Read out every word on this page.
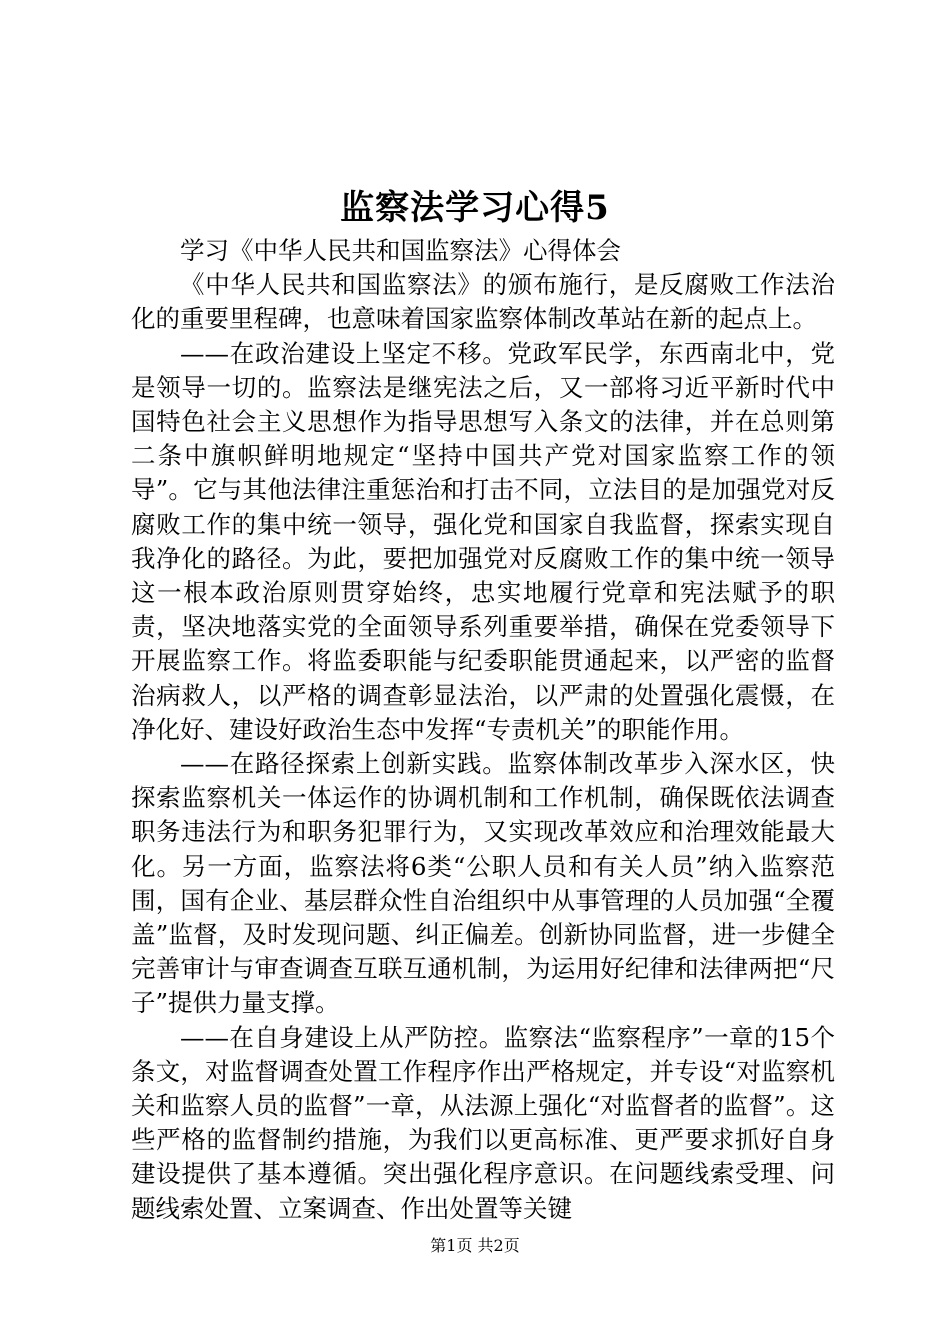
监察法学习心得5

学习《中华人民共和国监察法》心得体会

《中华人民共和国监察法》的颁布施行，是反腐败工作法治化的重要里程碑，也意味着国家监察体制改革站在新的起点上。

——在政治建设上坚定不移。党政军民学，东西南北中，党是领导一切的。监察法是继宪法之后，又一部将习近平新时代中国特色社会主义思想作为指导思想写入条文的法律，并在总则第二条中旗帜鲜明地规定“坚持中国共产党对国家监察工作的领导”。它与其他法律注重惩治和打击不同，立法目的是加强党对反腐败工作的集中统一领导，强化党和国家自我监督，探索实现自我净化的路径。为此，要把加强党对反腐败工作的集中统一领导这一根本政治原则贯穿始终，忠实地履行党章和宪法赋予的职责，坚决地落实党的全面领导系列重要举措，确保在党委领导下开展监察工作。将监委职能与纪委职能贯通起来，以严密的监督治病救人，以严格的调查彰显法治，以严肃的处置强化震慑，在净化好、建设好政治生态中发挥“专责机关”的职能作用。

——在路径探索上创新实践。监察体制改革步入深水区，快探索监察机关一体运作的协调机制和工作机制，确保既依法调查职务违法行为和职务犯罪行为，又实现改革效应和治理效能最大化。另一方面，监察法将6类“公职人员和有关人员”纳入监察范围，国有企业、基层群众性自治组织中从事管理的人员加强“全覆盖”监督，及时发现问题、纠正偏差。创新协同监督，进一步健全完善审计与审查调查互联互通机制，为运用好纪律和法律两把“尺子”提供力量支撑。

——在自身建设上从严防控。监察法“监察程序”一章的15个条文，对监督调查处置工作程序作出严格规定，并专设“对监察机关和监察人员的监督”一章，从法源上强化“对监督者的监督”。这些严格的监督制约措施，为我们以更高标准、更严要求抓好自身建设提供了基本遵循。突出强化程序意识。在问题线索受理、问题线索处置、立案调查、作出处置等关键

第1页 共2页
